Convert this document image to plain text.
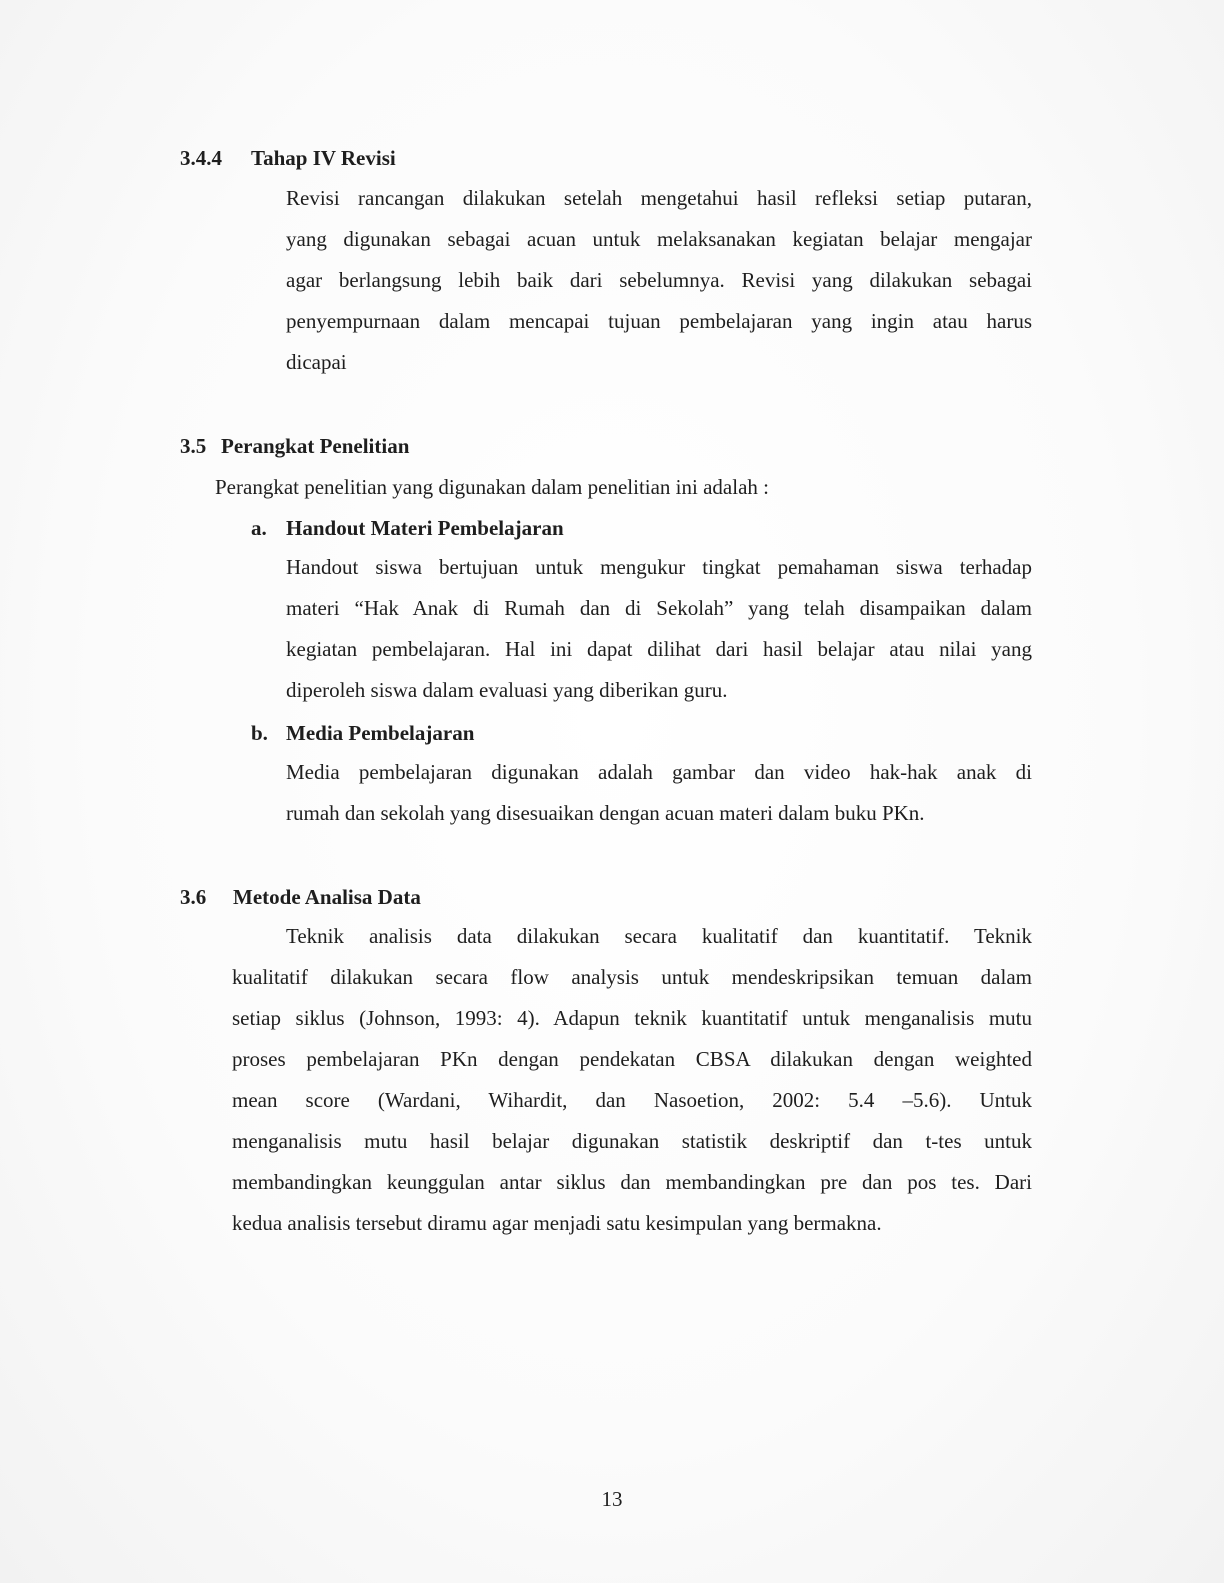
3.4.4 Tahap IV Revisi
Revisi rancangan dilakukan setelah mengetahui hasil refleksi setiap putaran,
yang digunakan sebagai acuan untuk melaksanakan kegiatan belajar mengajar
agar berlangsung lebih baik dari sebelumnya. Revisi yang dilakukan sebagai
penyempurnaan dalam mencapai tujuan pembelajaran yang ingin atau harus
dicapai
3.5 Perangkat Penelitian
Perangkat penelitian yang digunakan dalam penelitian ini adalah :
a. Handout Materi Pembelajaran
Handout siswa bertujuan untuk mengukur tingkat pemahaman siswa terhadap
materi “Hak Anak di Rumah dan di Sekolah” yang telah disampaikan dalam
kegiatan pembelajaran. Hal ini dapat dilihat dari hasil belajar atau nilai yang
diperoleh siswa dalam evaluasi yang diberikan guru.
b. Media Pembelajaran
Media pembelajaran digunakan adalah gambar dan video hak-hak anak di
rumah dan sekolah yang disesuaikan dengan acuan materi dalam buku PKn.
3.6 Metode Analisa Data
Teknik analisis data dilakukan secara kualitatif dan kuantitatif. Teknik
kualitatif dilakukan secara flow analysis untuk mendeskripsikan temuan dalam
setiap siklus (Johnson, 1993: 4). Adapun teknik kuantitatif untuk menganalisis mutu
proses pembelajaran PKn dengan pendekatan CBSA dilakukan dengan weighted
mean score (Wardani, Wihardit, dan Nasoetion, 2002: 5.4 –5.6). Untuk
menganalisis mutu hasil belajar digunakan statistik deskriptif dan t-tes untuk
membandingkan keunggulan antar siklus dan membandingkan pre dan pos tes. Dari
kedua analisis tersebut diramu agar menjadi satu kesimpulan yang bermakna.
13
